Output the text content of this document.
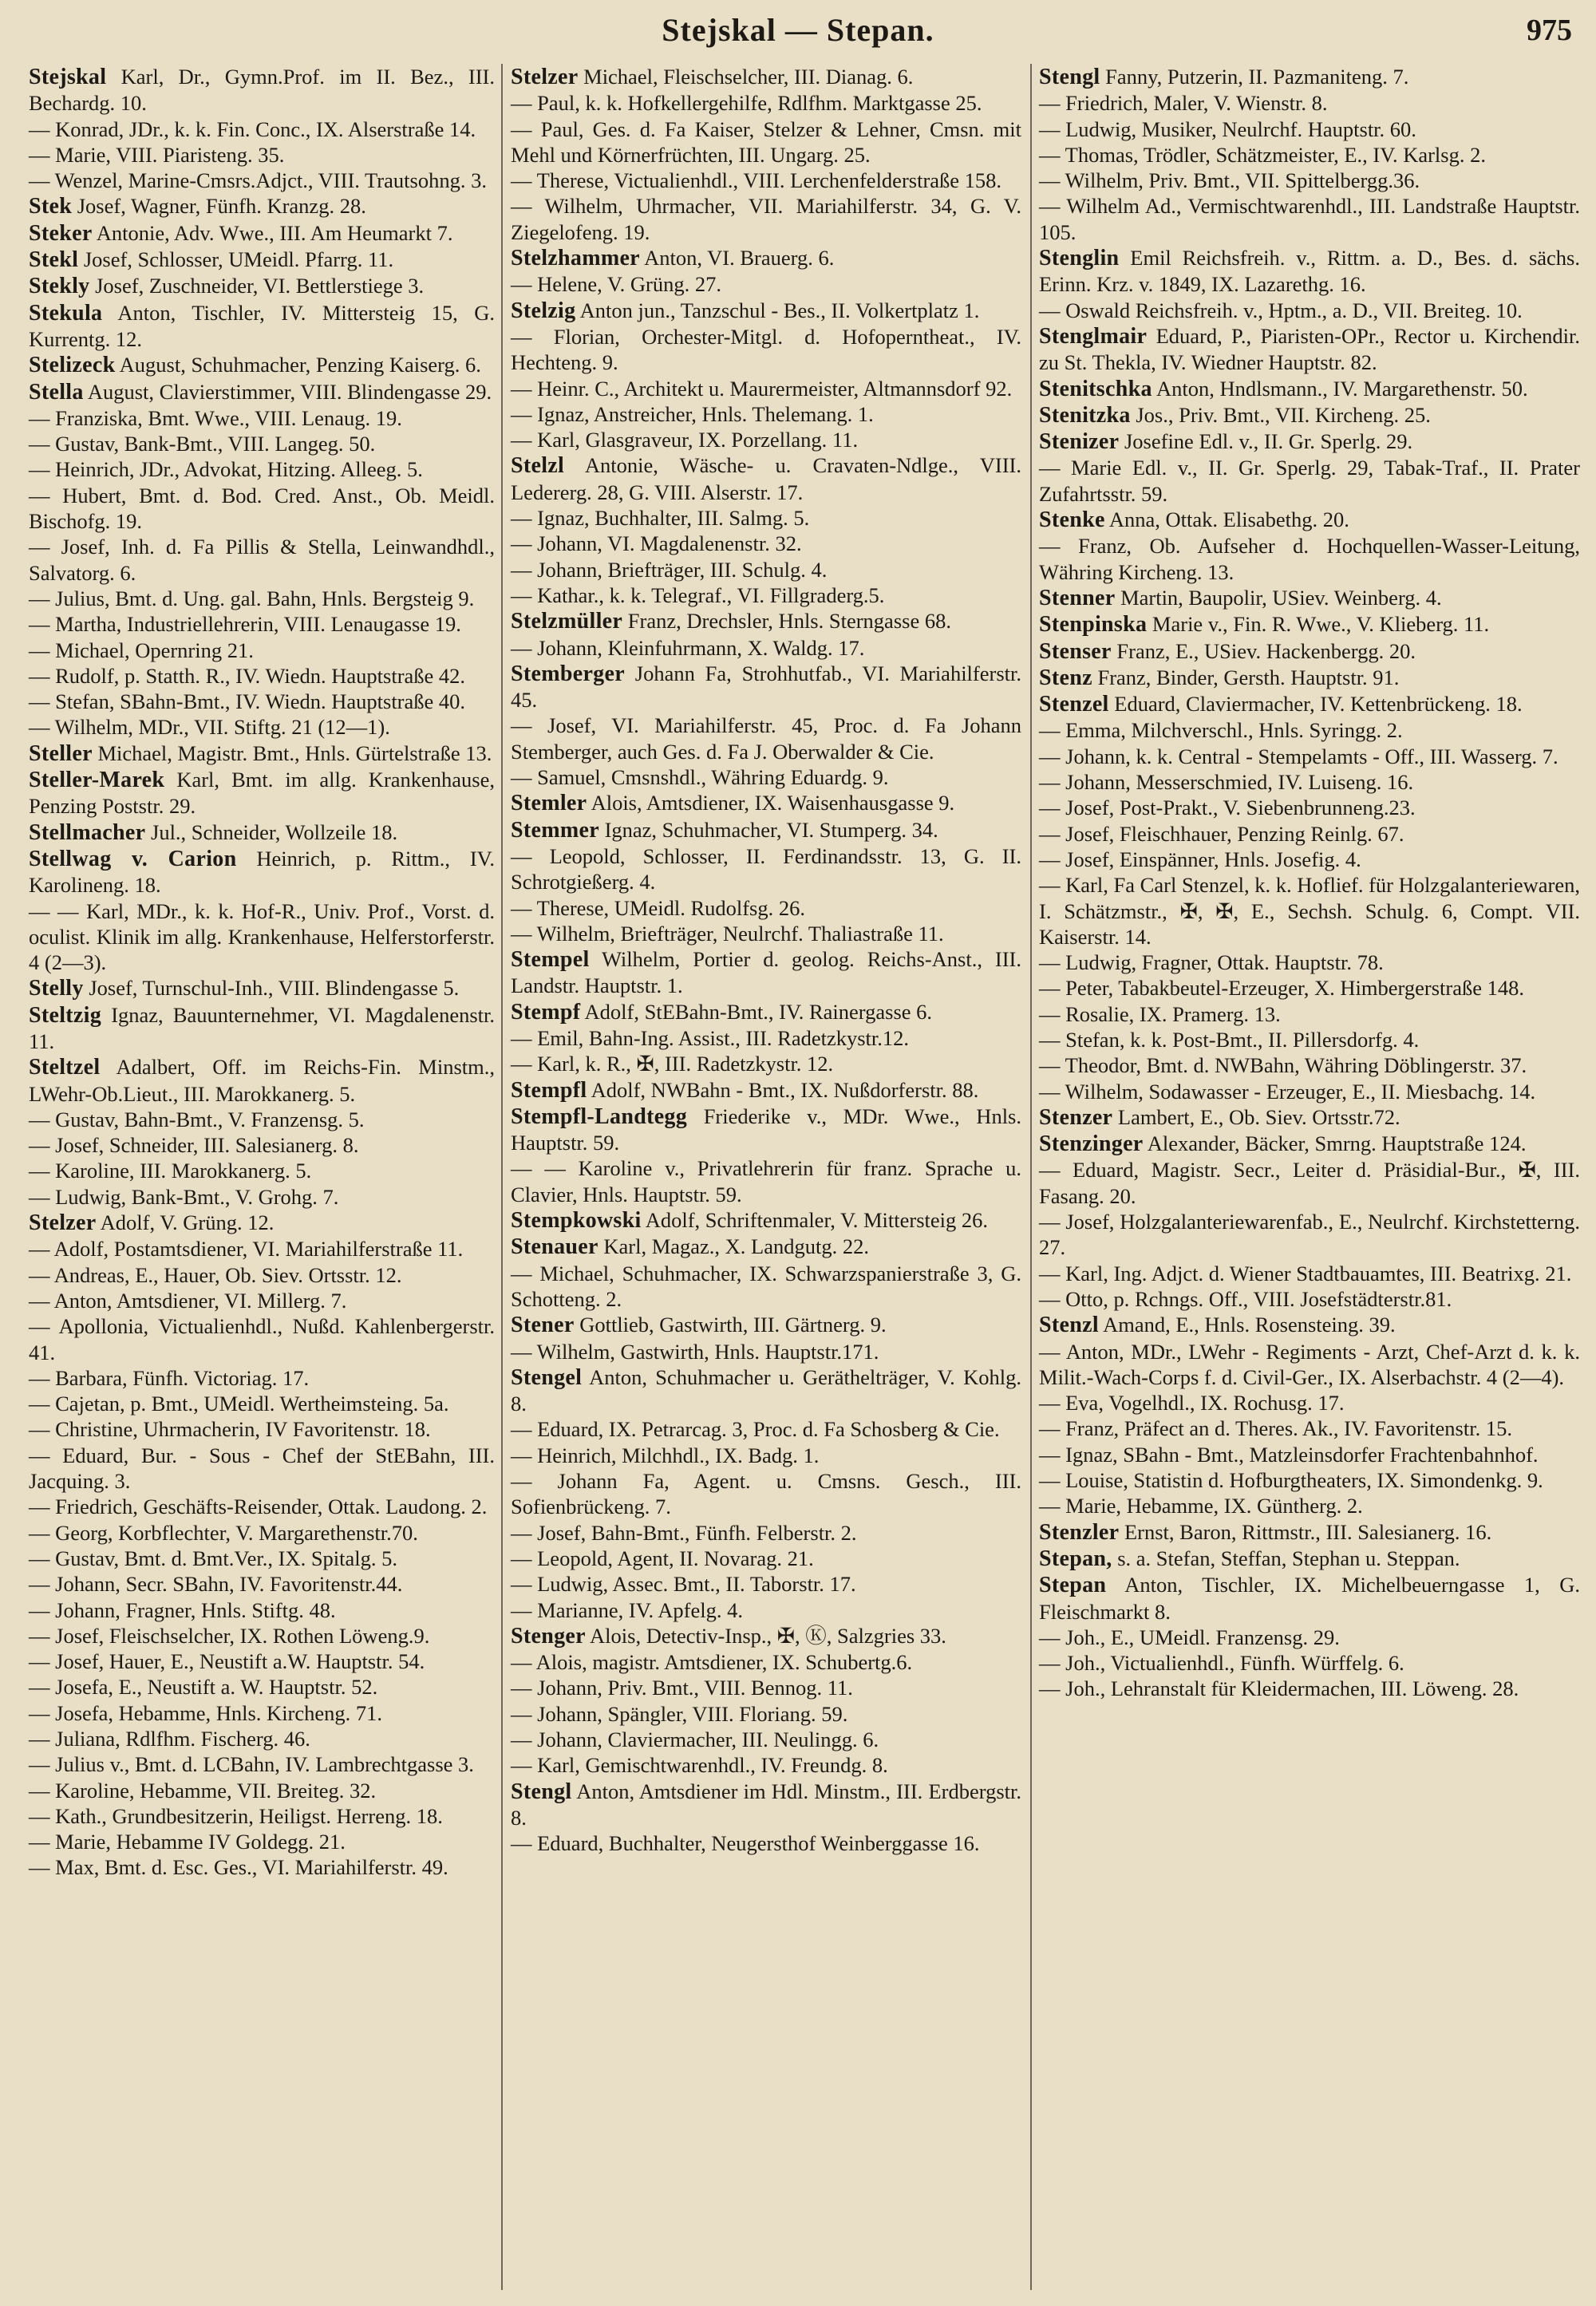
Stejskal — Stepan.	975

Stejskal Karl, Dr., Gymn.Prof. im II. Bez., III. Bechardg. 10.

— Konrad, JDr., k. k. Fin. Conc., IX. Alserstraße 14.

— Marie, VIII. Piaristeng. 35.

— Wenzel, Marine-Cmsrs.Adjct., VIII. Trautsohng. 3.

Stek Josef, Wagner, Fünfh. Kranzg. 28.

Steker Antonie, Adv. Wwe., III. Am Heumarkt 7.

Stekl Josef, Schlosser, UMeidl. Pfarrg. 11.

Stekly Josef, Zuschneider, VI. Bettlerstiege 3.

Stekula Anton, Tischler, IV. Mittersteig 15, G. Kurrentg. 12.

Stelizeck August, Schuhmacher, Penzing Kaiserg. 6.

Stella August, Clavierstimmer, VIII. Blindengasse 29.

— Franziska, Bmt. Wwe., VIII. Lenaug. 19.

— Gustav, Bank-Bmt., VIII. Langeg. 50.

— Heinrich, JDr., Advokat, Hitzing. Alleeg. 5.

— Hubert, Bmt. d. Bod. Cred. Anst., Ob. Meidl. Bischofg. 19.

— Josef, Inh. d. Fa Pillis & Stella, Leinwandhdl., Salvatorg. 6.

— Julius, Bmt. d. Ung. gal. Bahn, Hnls. Bergsteig 9.

— Martha, Industriellehrerin, VIII. Lenaugasse 19.

— Michael, Opernring 21.

— Rudolf, p. Statth. R., IV. Wiedn. Hauptstraße 42.

— Stefan, SBahn-Bmt., IV. Wiedn. Hauptstraße 40.

— Wilhelm, MDr., VII. Stiftg. 21 (12—1).

Steller Michael, Magistr. Bmt., Hnls. Gürtelstraße 13.

Steller-Marek Karl, Bmt. im allg. Krankenhause, Penzing Poststr. 29.

Stellmacher Jul., Schneider, Wollzeile 18.

Stellwag v. Carion Heinrich, p. Rittm., IV. Karolineng. 18.

— — Karl, MDr., k. k. Hof-R., Univ. Prof., Vorst. d. oculist. Klinik im allg. Krankenhause, Helferstorferstr. 4 (2—3).

Stelly Josef, Turnschul-Inh., VIII. Blindengasse 5.

Steltzig Ignaz, Bauunternehmer, VI. Magdalenenstr. 11.

Steltzel Adalbert, Off. im Reichs-Fin. Minstm., LWehr-Ob.Lieut., III. Marokkanerg. 5.

— Gustav, Bahn-Bmt., V. Franzensg. 5.

— Josef, Schneider, III. Salesianerg. 8.

— Karoline, III. Marokkanerg. 5.

— Ludwig, Bank-Bmt., V. Grohg. 7.

Stelzer Adolf, V. Grüng. 12.

— Adolf, Postamtsdiener, VI. Mariahilferstraße 11.

— Andreas, E., Hauer, Ob. Siev. Ortsstr. 12.

— Anton, Amtsdiener, VI. Millerg. 7.

— Apollonia, Victualienhdl., Nußd. Kahlenbergerstr. 41.

— Barbara, Fünfh. Victoriag. 17.

— Cajetan, p. Bmt., UMeidl. Wertheimsteing. 5a.

— Christine, Uhrmacherin, IV Favoritenstr. 18.

— Eduard, Bur. - Sous - Chef der StEBahn, III. Jacquing. 3.

— Friedrich, Geschäfts-Reisender, Ottak. Laudong. 2.

— Georg, Korbflechter, V. Margarethenstr.70.

— Gustav, Bmt. d. Bmt.Ver., IX. Spitalg. 5.

— Johann, Secr. SBahn, IV. Favoritenstr.44.

— Johann, Fragner, Hnls. Stiftg. 48.

— Josef, Fleischselcher, IX. Rothen Löweng.9.

— Josef, Hauer, E., Neustift a.W. Hauptstr. 54.

— Josefa, E., Neustift a. W. Hauptstr. 52.

— Josefa, Hebamme, Hnls. Kircheng. 71.

— Juliana, Rdlfhm. Fischerg. 46.

— Julius v., Bmt. d. LCBahn, IV. Lambrechtgasse 3.

— Karoline, Hebamme, VII. Breiteg. 32.

— Kath., Grundbesitzerin, Heiligst. Herreng. 18.

— Marie, Hebamme IV Goldegg. 21.

— Max, Bmt. d. Esc. Ges., VI. Mariahilferstr. 49.

Stelzer Michael, Fleischselcher, III. Dianag. 6.

— Paul, k. k. Hofkellergehilfe, Rdlfhm. Marktgasse 25.

— Paul, Ges. d. Fa Kaiser, Stelzer & Lehner, Cmsn. mit Mehl und Körnerfrüchten, III. Ungarg. 25.

— Therese, Victualienhdl., VIII. Lerchenfelderstraße 158.

— Wilhelm, Uhrmacher, VII. Mariahilferstr. 34, G. V. Ziegelofeng. 19.

Stelzhammer Anton, VI. Brauerg. 6.

— Helene, V. Grüng. 27.

Stelzig Anton jun., Tanzschul - Bes., II. Volkertplatz 1.

— Florian, Orchester-Mitgl. d. Hofoperntheat., IV. Hechteng. 9.

— Heinr. C., Architekt u. Maurermeister, Altmannsdorf 92.

— Ignaz, Anstreicher, Hnls. Thelemang. 1.

— Karl, Glasgraveur, IX. Porzellang. 11.

Stelzl Antonie, Wäsche- u. Cravaten-Ndlge., VIII. Ledererg. 28, G. VIII. Alserstr. 17.

— Ignaz, Buchhalter, III. Salmg. 5.

— Johann, VI. Magdalenenstr. 32.

— Johann, Briefträger, III. Schulg. 4.

— Kathar., k. k. Telegraf., VI. Fillgraderg.5.

Stelzmüller Franz, Drechsler, Hnls. Sterngasse 68.

— Johann, Kleinfuhrmann, X. Waldg. 17.

Stemberger Johann Fa, Strohhutfab., VI. Mariahilferstr. 45.

— Josef, VI. Mariahilferstr. 45, Proc. d. Fa Johann Stemberger, auch Ges. d. Fa J. Oberwalder & Cie.

— Samuel, Cmsnshdl., Währing Eduardg. 9.

Stemler Alois, Amtsdiener, IX. Waisenhausgasse 9.

Stemmer Ignaz, Schuhmacher, VI. Stumperg. 34.

— Leopold, Schlosser, II. Ferdinandsstr. 13, G. II. Schrotgießerg. 4.

— Therese, UMeidl. Rudolfsg. 26.

— Wilhelm, Briefträger, Neulrchf. Thaliastraße 11.

Stempel Wilhelm, Portier d. geolog. Reichs-Anst., III. Landstr. Hauptstr. 1.

Stempf Adolf, StEBahn-Bmt., IV. Rainergasse 6.

— Emil, Bahn-Ing. Assist., III. Radetzkystr.12.

— Karl, k. R., ✠, III. Radetzkystr. 12.

Stempfl Adolf, NWBahn - Bmt., IX. Nußdorferstr. 88.

Stempfl-Landtegg Friederike v., MDr. Wwe., Hnls. Hauptstr. 59.

— — Karoline v., Privatlehrerin für franz. Sprache u. Clavier, Hnls. Hauptstr. 59.

Stempkowski Adolf, Schriftenmaler, V. Mittersteig 26.

Stenauer Karl, Magaz., X. Landgutg. 22.

— Michael, Schuhmacher, IX. Schwarzspanierstraße 3, G. Schotteng. 2.

Stener Gottlieb, Gastwirth, III. Gärtnerg. 9.

— Wilhelm, Gastwirth, Hnls. Hauptstr.171.

Stengel Anton, Schuhmacher u. Geräthelträger, V. Kohlg. 8.

— Eduard, IX. Petrarcag. 3, Proc. d. Fa Schosberg & Cie.

— Heinrich, Milchhdl., IX. Badg. 1.

— Johann Fa, Agent. u. Cmsns. Gesch., III. Sofienbrückeng. 7.

— Josef, Bahn-Bmt., Fünfh. Felberstr. 2.

— Leopold, Agent, II. Novarag. 21.

— Ludwig, Assec. Bmt., II. Taborstr. 17.

— Marianne, IV. Apfelg. 4.

Stenger Alois, Detectiv-Insp., ✠, Ⓚ, Salzgries 33.

— Alois, magistr. Amtsdiener, IX. Schubertg.6.

— Johann, Priv. Bmt., VIII. Bennog. 11.

— Johann, Spängler, VIII. Floriang. 59.

— Johann, Claviermacher, III. Neulingg. 6.

— Karl, Gemischtwarenhdl., IV. Freundg. 8.

Stengl Anton, Amtsdiener im Hdl. Minstm., III. Erdbergstr. 8.

— Eduard, Buchhalter, Neugersthof Weinberggasse 16.

Stengl Fanny, Putzerin, II. Pazmaniteng. 7.

— Friedrich, Maler, V. Wienstr. 8.

— Ludwig, Musiker, Neulrchf. Hauptstr. 60.

— Thomas, Trödler, Schätzmeister, E., IV. Karlsg. 2.

— Wilhelm, Priv. Bmt., VII. Spittelbergg.36.

— Wilhelm Ad., Vermischtwarenhdl., III. Landstraße Hauptstr. 105.

Stenglin Emil Reichsfreih. v., Rittm. a. D., Bes. d. sächs. Erinn. Krz. v. 1849, IX. Lazarethg. 16.

— Oswald Reichsfreih. v., Hptm., a. D., VII. Breiteg. 10.

Stenglmair Eduard, P., Piaristen-OPr., Rector u. Kirchendir. zu St. Thekla, IV. Wiedner Hauptstr. 82.

Stenitschka Anton, Hndlsmann., IV. Margarethenstr. 50.

Stenitzka Jos., Priv. Bmt., VII. Kircheng. 25.

Stenizer Josefine Edl. v., II. Gr. Sperlg. 29.

— Marie Edl. v., II. Gr. Sperlg. 29, Tabak-Traf., II. Prater Zufahrtsstr. 59.

Stenke Anna, Ottak. Elisabethg. 20.

— Franz, Ob. Aufseher d. Hochquellen-Wasser-Leitung, Währing Kircheng. 13.

Stenner Martin, Baupolir, USiev. Weinberg. 4.

Stenpinska Marie v., Fin. R. Wwe., V. Klieberg. 11.

Stenser Franz, E., USiev. Hackenbergg. 20.

Stenz Franz, Binder, Gersth. Hauptstr. 91.

Stenzel Eduard, Claviermacher, IV. Kettenbrückeng. 18.

— Emma, Milchverschl., Hnls. Syringg. 2.

— Johann, k. k. Central - Stempelamts - Off., III. Wasserg. 7.

— Johann, Messerschmied, IV. Luiseng. 16.

— Josef, Post-Prakt., V. Siebenbrunneng.23.

— Josef, Fleischhauer, Penzing Reinlg. 67.

— Josef, Einspänner, Hnls. Josefig. 4.

— Karl, Fa Carl Stenzel, k. k. Hoflief. für Holzgalanteriewaren, I. Schätzmstr., ✠, ✠, E., Sechsh. Schulg. 6, Compt. VII. Kaiserstr. 14.

— Ludwig, Fragner, Ottak. Hauptstr. 78.

— Peter, Tabakbeutel-Erzeuger, X. Himbergerstraße 148.

— Rosalie, IX. Pramerg. 13.

— Stefan, k. k. Post-Bmt., II. Pillersdorfg. 4.

— Theodor, Bmt. d. NWBahn, Währing Döblingerstr. 37.

— Wilhelm, Sodawasser - Erzeuger, E., II. Miesbachg. 14.

Stenzer Lambert, E., Ob. Siev. Ortsstr.72.

Stenzinger Alexander, Bäcker, Smrng. Hauptstraße 124.

— Eduard, Magistr. Secr., Leiter d. Präsidial-Bur., ✠, III. Fasang. 20.

— Josef, Holzgalanteriewarenfab., E., Neulrchf. Kirchstetterng. 27.

— Karl, Ing. Adjct. d. Wiener Stadtbauamtes, III. Beatrixg. 21.

— Otto, p. Rchngs. Off., VIII. Josefstädterstr.81.

Stenzl Amand, E., Hnls. Rosensteing. 39.

— Anton, MDr., LWehr - Regiments - Arzt, Chef-Arzt d. k. k. Milit.-Wach-Corps f. d. Civil-Ger., IX. Alserbachstr. 4 (2—4).

— Eva, Vogelhdl., IX. Rochusg. 17.

— Franz, Präfect an d. Theres. Ak., IV. Favoritenstr. 15.

— Ignaz, SBahn - Bmt., Matzleinsdorfer Frachtenbahnhof.

— Louise, Statistin d. Hofburgtheaters, IX. Simondenkg. 9.

— Marie, Hebamme, IX. Güntherg. 2.

Stenzler Ernst, Baron, Rittmstr., III. Salesianerg. 16.

Stepan, s. a. Stefan, Steffan, Stephan u. Steppan.

Stepan Anton, Tischler, IX. Michelbeuerngasse 1, G. Fleischmarkt 8.

— Joh., E., UMeidl. Franzensg. 29.

— Joh., Victualienhdl., Fünfh. Würffelg. 6.

— Joh., Lehranstalt für Kleidermachen, III. Löweng. 28.
